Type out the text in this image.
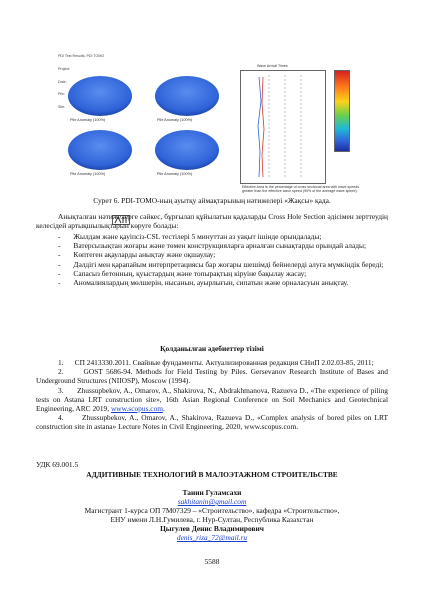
PDI Test Results, PDI TOMO

Project:

Date:

Pile:

Site:

Pile Anomaly (100%)	Pile Anomaly (100%)
Pile Anomaly (100%)	Pile Anomaly (100%)
Wave Arrival Times
Effective Area is the percentage of cross sectional area with wave speeds greater than the effective wave speed (90% of the average wave speed).
Сурет 6. PDI-TOMO-ның ауытқу аймақтарының нәтижелері «Жақсы» қада.
Анықталған нәтижелерге сәйкес, бұрғылап құйылатын қадаларды Cross Hole Section әдісімен зерттеудің келесідей артықшылықтарын көруге болады:
- Жылдам және қауіпсіз-CSL тестілері 5 минуттан аз уақыт ішінде орындалады;
- Ватерсызықтан жоғары және төмен конструкцияларға арналған сынақтарды орындай алады;
- Көптеген ақауларды анықтау және оқшаулау;
- Дәлдігі мен қарапайым интерпретациясы бар жоғары шешімді бейнелерді алуға мүмкіндік береді;
- Сапасыз бетонның, қуыстардың және топырақтың кіруіне бақылау жасау;
- Аномалиялардың мөлшерін, нысанын, ауырлығын, сипатын және орналасуын анықтау.
Қолданылған әдебиеттер тізімі
1. СП 2413330.2011. Свайные фундаменты. Актуализированная редакция СНиП 2.02.03-85, 2011;
2.	GOST 5686-94. Methods for Field Testing by Piles. Gersevanov Research Institute of Bases and Underground Structures (NIIOSP), Moscow (1994).
3. Zhussupbekov, A., Omarov, A., Shakirova, N., Abdrakhmanova, Razueva D., «The experience of piling tests on Astana LRT construction site», 16th Asian Regional Conference on Soil Mechanics and Geotechnical Engineering, ARC 2019, www.scopus.com.
4. Zhussupbekov, A., Omarov, A., Shakirova, Razueva D., «Complex analysis of bored piles on LRT construction site in astana» Lecture Notes in Civil Engineering, 2020, www.scopus.com.
УДК 69.001.5
АДДИТИВНЫЕ ТЕХНОЛОГИЙ В МАЛОЭТАЖНОМ СТРОИТЕЛЬСТВЕ
Танин Гуламсахи
sakhitanin@gmail.com
Магистрант 1-курса ОП 7М07329 – «Строительство», кафедра «Строительство»,
ЕНУ имени Л.Н.Гумилева, г. Нур-Султан, Республика Казахстан
Цыгулев Денис Владимирович
denis_riza_72@mail.ru
5588
